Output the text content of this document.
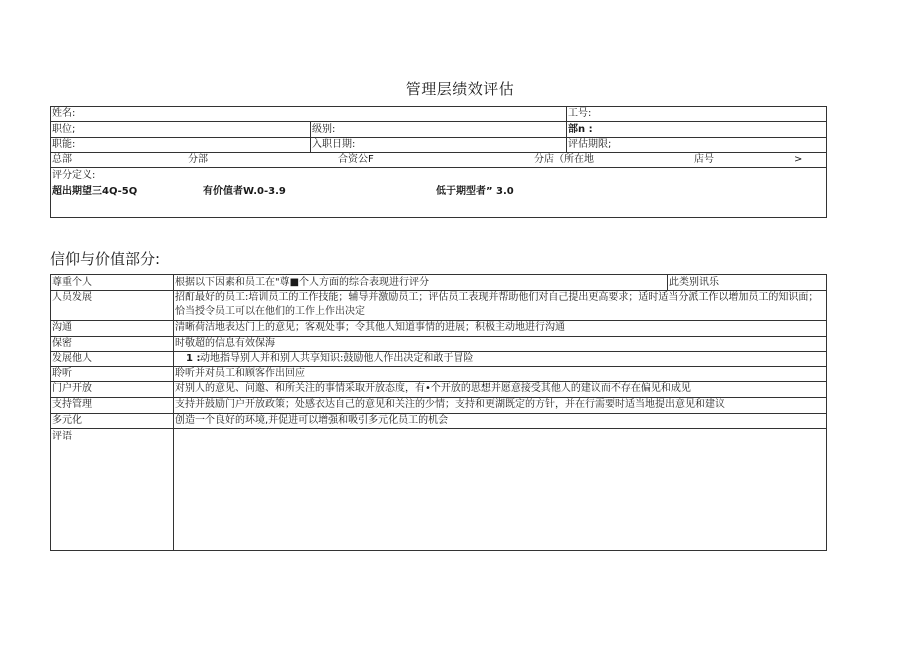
管理层绩效评估
姓名:	工号:
职位;	级别:	部n :
职能:	入职日期:	评估期限;
总部	分部	合资公F	分店（所在地	店号	>
评分定义:
超出期望三4Q-5Q	有价值者W.0-3.9	低于期型者” 3.0
信仰与价值部分:
尊重个人	根据以下因素和员工在"尊■个人方面的综合表现进行评分	此类别讯乐
人员发展	招酊最好的员工:培训员工的工作技能；辅导并激励员工；评估员工表现并帮助他们对自己提出更高要求；适时适当分派工作以增加员工的知识面；恰当授令员工可以在他们的工作上作出决定
沟通	清晰荷洁地表达门上的意见；客观处事；令其他人知道事情的进展；积极主动地进行沟通
保密	时敬超的信息有效保海
发展他人	1 : 动地指导别人并和别人共享知识:鼓励他人作出决定和敢于冒险
聆听	聆听并对员工和顾客作出回应
门户开放	对别人的意见、问邀、和所关注的事情采取开放态度，有•个开放的思想并愿意接受其他人的建议而不存在偏见和成见
支持管理	支持并鼓励门户开放政策；处感衣达自己的意见和关注的少情；支持和更湖既定的方针，并在行需要时适当地提出意见和建议
多元化	创造一个良好的环境,并促进可以增强和吸引多元化员工的机会
评语
